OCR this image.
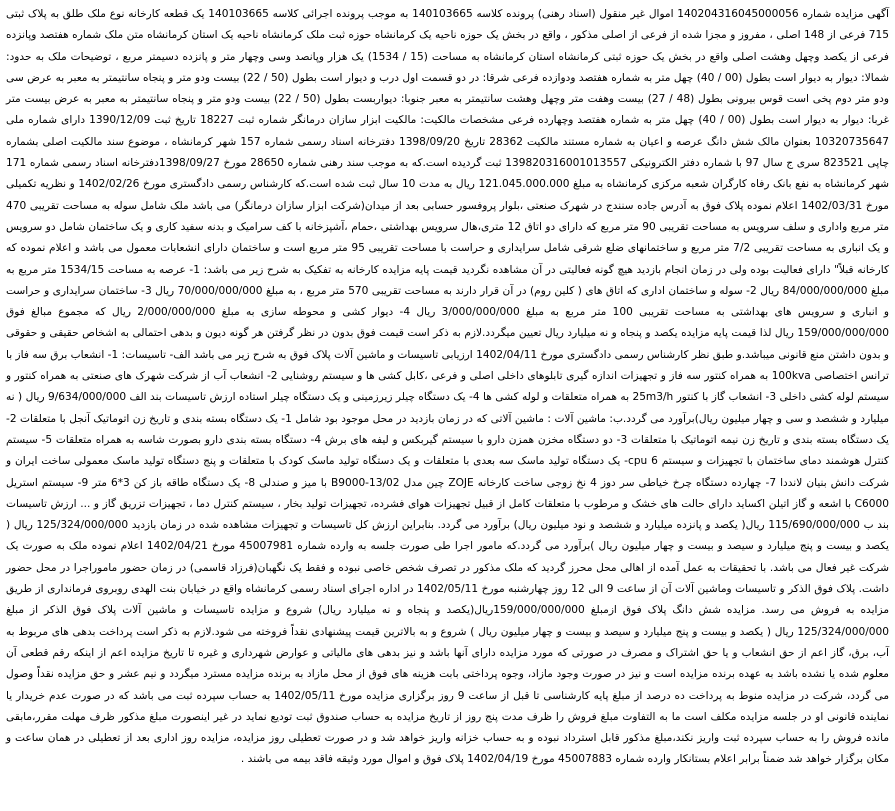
آگهی مزایده شماره 140204316045000056 اموال غیر منقول (اسناد رهنی) پرونده کلاسه 140103665 به موجب پرونده اجرائی کلاسه 140103665 یک قطعه کارخانه نوع ملک طلق به پلاک ثبتی 715 فرعی از 148 اصلی ، مفروز و مجزا شده از فرعی از اصلی مذکور ، واقع در بخش یک حوزه ناحیه یک کرمانشاه حوزه ثبت ملک کرمانشاه ناحیه یک استان کرمانشاه متن ملک شماره هفتصد وپانزده فرعی از یکصد وچهل وهشت اصلی واقع در بخش یک حوزه ثبتی کرمانشاه استان کرمانشاه به مساحت (15 / 1534) یک هزار وپانصد وسی وچهار متر و پانزده دسیمتر مربع ، توضیحات ملک به حدود: شمالا: دیوار به دیوار است بطول (00 / 40) چهل متر به شماره هفتصد ودوازده فرعی شرقا: در دو قسمت اول درب و دیوار است بطول (50 / 22) بیست ودو متر و پنجاه سانتیمتر به معبر به عرض سی ودو متر دوم پخی است قوس بیرونی بطول (48 / 27) بیست وهفت متر وچهل وهشت سانتیمتر به معبر جنوبا: دیواربست بطول (50 / 22) بیست ودو متر و پنجاه سانتیمتر به معبر به عرض بیست متر غربا: دیوار به دیوار است بطول (00 / 40) چهل متر به شماره هفتصد وچهارده فرعی مشخصات مالکیت: مالکیت ابزار سازان درمانگر شماره ثبت 18227 تاریخ ثبت 1390/12/09 دارای شماره ملی 10320735647 بعنوان مالک شش دانگ عرصه و اعیان به شماره مستند مالکیت 28362 تاریخ 1398/09/20 دفترخانه اسناد رسمی شماره 157 شهر کرمانشاه ، موضوع سند مالکیت اصلی بشماره چاپی 823521 سری ج سال 97 با شماره دفتر الکترونیکی 139820316001013557 ثبت گردیده است.که به موجب سند رهنی شماره 28650 مورخ 1398/09/27دفترخانه اسناد رسمی شماره 171 شهر کرمانشاه به نفع بانک رفاه کارگران شعبه مرکزی کرمانشاه به مبلغ 121.045.000.000 ریال به مدت 10 سال ثبت شده است.که کارشناس رسمی دادگستری مورخ 1402/02/26 و نظریه تکمیلی مورخ 1402/03/31 اعلام نموده پلاک فوق به آدرس جاده سنندج در شهرک صنعتی ،بلوار پروفسور حسابی بعد از میدان(شرکت ابزار سازان درمانگر) می باشد ملک شامل سوله به مساحت تقریبی 470 متر مربع واداری و سلف سرویس به مساحت تقریبی 90 متر مربع که دارای دو اتاق 12 متری،هال سرویس بهداشتی ،حمام ،آشپزخانه با کف سرامیک و بدنه سفید کاری و یک ساختمان شامل دو سرویس و یک انباری به مساحت تقریبی 7/2 متر مربع و ساختمانهای ضلع شرقی شامل سرایداری و حراست با مساحت تقریبی 95 متر مربع است و ساختمان دارای انشعابات معمول می باشد و اعلام نموده که کارخانه قبلاً" دارای فعالیت بوده ولی در زمان انجام بازدید هیچ گونه فعالیتی در آن مشاهده نگردید قیمت پایه مزایده کارخانه به تفکیک به شرح زیر می باشد: 1- عرصه به مساحت 1534/15 متر مربع به مبلغ 84/000/000/000 ریال 2- سوله و ساختمان اداری که اتاق های ( کلین روم) در آن قرار دارند به مساحت تقریبی 570 متر مربع ، به مبلغ 70/000/000/000 ریال 3- ساختمان سرایداری و حراست و انباری و سرویس های بهداشتی به مساحت تقریبی 100 متر مربع به مبلغ 3/000/000/000 ریال 4- دیوار کشی و محوطه سازی به مبلغ 2/000/000/000 ریال که مجموع مبالغ فوق 159/000/000/000 ریال لذا قیمت پایه مزایده یکصد و پنجاه و نه میلیارد ریال تعیین میگردد.لازم به ذکر است قیمت فوق بدون در نظر گرفتن هر گونه دیون و بدهی احتمالی به اشخاص حقیقی و حقوقی و بدون داشتن منع قانونی میباشد.و طبق نظر کارشناس رسمی دادگستری مورخ 1402/04/11 ارزیابی تاسیسات و ماشین آلات پلاک فوق به شرح زیر می باشد الف- تاسیسات: 1- انشعاب برق سه فاز با ترانس اختصاصی 100kva به همراه کنتور سه فاز و تجهیزات اندازه گیری تابلوهای داخلی اصلی و فرعی ،کابل کشی ها و سیستم روشنایی 2- انشعاب آب از شرکت شهرک های صنعتی به همراه کنتور و سیستم لوله کشی داخلی 3- انشعاب گاز با کنتور 25m3/h به همراه متعلقات و لوله کشی ها 4- یک دستگاه چیلر زیرزمینی و یک دستگاه چیلر استاده ارزش تاسیسات بند الف 9/634/000/000 ریال ( نه میلیارد و ششصد و سی و چهار میلیون ریال)برآورد می گردد.ب: ماشین آلات : ماشین آلاتی که در زمان بازدید در محل موجود بود شامل 1- یک دستگاه بسته بندی و تاریخ زن اتوماتیک آنجل با متعلقات 2- یک دستگاه بسته بندی و تاریخ زن نیمه اتوماتیک با متعلقات 3- دو دستگاه مخزن همزن دارو با سیستم گیربکس و لیفه های برش 4- دستگاه بسته بندی دارو بصورت شاسه به همراه متعلقات 5- سیستم کنترل هوشمند دمای ساختمان با تجهیزات و سیستم cpu 6- یک دستگاه تولید ماسک سه بعدی با متعلقات و یک دستگاه تولید ماسک کودک با متعلقات و پنج دستگاه تولید ماسک معمولی ساخت ایران و شرکت دانش بنیان لانددا 7- چهارده دستگاه چرخ خیاطی سر دوز 4 نخ زوجی ساخت کارخانه ZOJE چین مدل B9000-13/02 با میز و صندلی 8- یک دستگاه طاقه باز کن 3*6 متر 9- سیستم استریل C6000 با اشعه و گاز اتیلن اکساید دارای حالت های خشک و مرطوب با متعلقات کامل از قبیل تجهیزات هوای فشرده، تجهیزات تولید بخار ، سیستم کنترل دما ، تجهیزات تزریق گاز و ... ارزش تاسیسات بند ب 115/690/000/000 ریال( یکصد و پانزده میلیارد و ششصد و نود میلیون ریال) برآورد می گردد. بنابراین ارزش کل تاسیسات و تجهیزات مشاهده شده در زمان بازدید 125/324/000/000 ریال ( یکصد و بیست و پنج میلیارد و سیصد و بیست و چهار میلیون ریال )برآورد می گردد.که مامور اجرا طی صورت جلسه به وارده شماره 45007981 مورخ 1402/04/21 اعلام نموده ملک به صورت یک شرکت غیر فعال می باشد. با تحقیقات به عمل آمده از اهالی محل محرز گردید که ملک مذکور در تصرف شخص خاصی نبوده و فقط یک نگهبان(فرزاد قاسمی) در زمان حضور ماموراجرا در محل حضور داشت. پلاک فوق الذکر و تاسیسات وماشین آلات آن از ساعت 9 الی 12 روز چهارشنبه مورخ 1402/05/11 در اداره اجرای اسناد رسمی کرمانشاه واقع در خیابان بنت الهدی روبروی فرمانداری از طریق مزایده به فروش می رسد. مزایده شش دانگ پلاک فوق ازمبلغ 159/000/000/000ریال(یکصد و پنجاه و نه میلیارد ریال) شروع و مزایده تاسیسات و ماشین آلات پلاک فوق الذکر از مبلغ 125/324/000/000 ریال ( یکصد و بیست و پنج میلیارد و سیصد و بیست و چهار میلیون ریال ) شروع و به بالاترین قیمت پیشنهادی نقداً فروخته می شود.لازم به ذکر است پرداخت بدهی های مربوط به آب، برق، گاز اعم از حق انشعاب و یا حق اشتراک و مصرف در صورتی که مورد مزایده دارای آنها باشد و نیز بدهی های مالیاتی و عوارض شهرداری و غیره تا تاریخ مزایده اعم از اینکه رقم قطعی آن معلوم شده یا نشده باشد به عهده برنده مزایده است و نیز در صورت وجود مازاد، وجوه پرداختی بابت هزینه های فوق از محل مازاد به برنده مزایده مسترد میگردد و نیم عشر و حق مزایده نقداً وصول می گردد، شرکت در مزایده منوط به پرداخت ده درصد از مبلغ پایه کارشناسی تا قبل از ساعت 9 روز برگزاری مزایده مورخ 1402/05/11 به حساب سپرده ثبت می باشد که در صورت عدم خریدار یا نماینده قانونی او در جلسه مزایده مکلف است ما به التفاوت مبلغ فروش را ظرف مدت پنج روز از تاریخ مزایده به حساب صندوق ثبت تودیع نماید در غیر اینصورت مبلغ مذکور ظرف مهلت مقرر،مابقی مانده فروش را به حساب سپرده ثبت واریز نکند،مبلغ مذکور قابل استرداد نبوده و به حساب خزانه واریز خواهد شد و در صورت تعطیلی روز مزایده، مزایده روز اداری بعد از تعطیلی در همان ساعت و مکان برگزار خواهد شد ضمناً برابر اعلام بستانکار وارده شماره 45007883 مورخ 1402/04/19 پلاک فوق و اموال مورد وثیقه فاقد بیمه می باشند .
